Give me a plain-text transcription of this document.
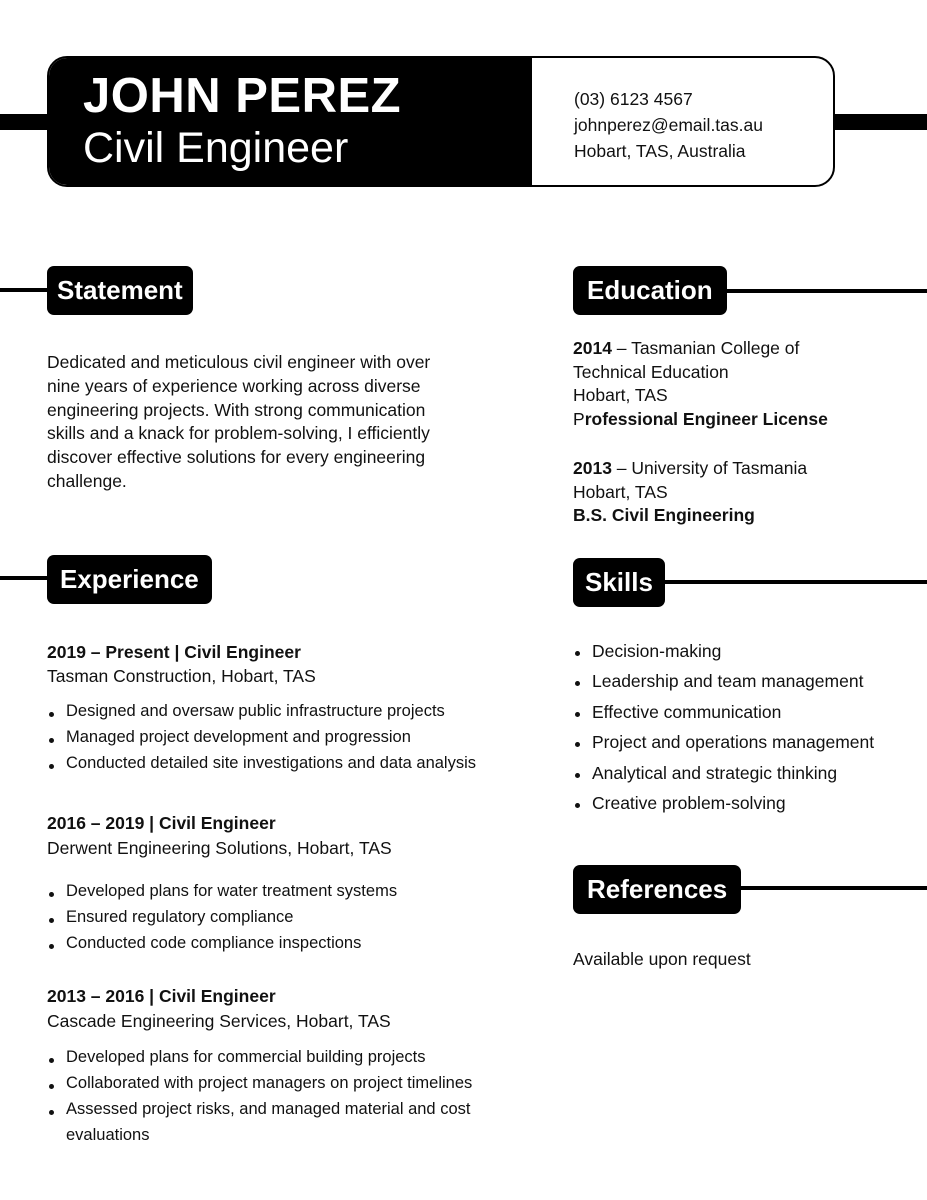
JOHN PEREZ
Civil Engineer
(03) 6123 4567
johnperez@email.tas.au
Hobart, TAS, Australia
Statement
Dedicated and meticulous civil engineer with over
nine years of experience working across diverse
engineering projects. With strong communication
skills and a knack for problem-solving, I efficiently
discover effective solutions for every engineering
challenge.
Experience
2019 – Present | Civil Engineer
Tasman Construction, Hobart, TAS
Designed and oversaw public infrastructure projects
Managed project development and progression
Conducted detailed site investigations and data analysis
2016 – 2019 | Civil Engineer
Derwent Engineering Solutions, Hobart, TAS
Developed plans for water treatment systems
Ensured regulatory compliance
Conducted code compliance inspections
2013 – 2016 | Civil Engineer
Cascade Engineering Services, Hobart, TAS
Developed plans for commercial building projects
Collaborated with project managers on project timelines
Assessed project risks, and managed material and cost
evaluations
Education
2014 – Tasmanian College of
Technical Education
Hobart, TAS
Professional Engineer License
2013 – University of Tasmania
Hobart, TAS
B.S. Civil Engineering
Skills
Decision-making
Leadership and team management
Effective communication
Project and operations management
Analytical and strategic thinking
Creative problem-solving
References
Available upon request
